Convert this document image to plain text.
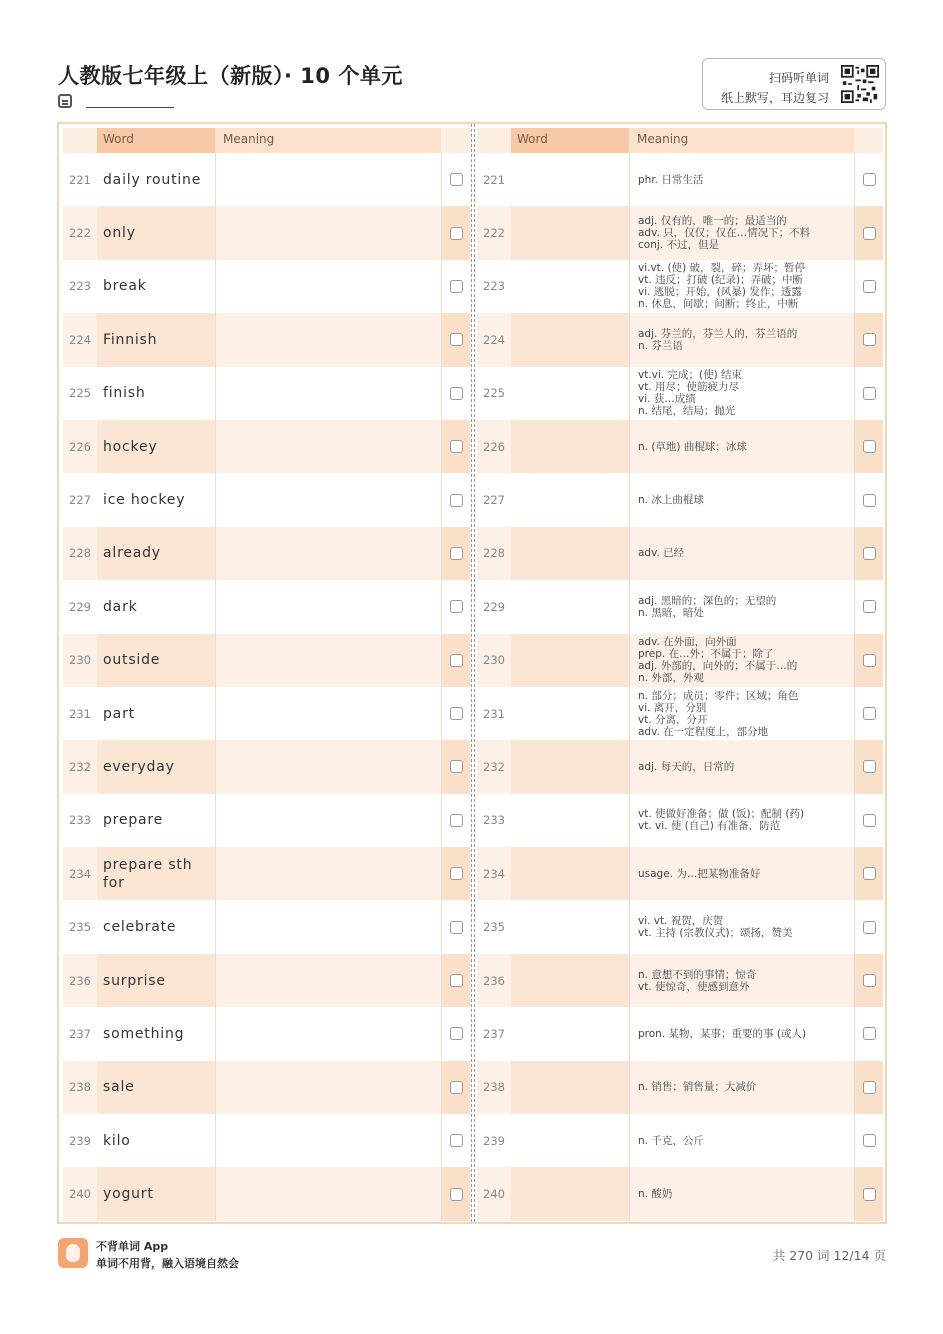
人教版七年级上（新版）· 10 个单元	扫码听单词
纸上默写，耳边复习
Word	Meaning
221 daily routine
222 only
223 break
224 Finnish
225 finish
226 hockey
227 ice hockey
228 already
229 dark
230 outside
231 part
232 everyday
233 prepare
234
prepare sth for
235 celebrate
236 surprise
237 something
238 sale
239 kilo
240 yogurt
Word	Meaning
221	phr. 日常生活
222
adj. 仅有的，唯一的；最适当的
adv. 只，仅仅；仅在…情况下；不料
conj. 不过，但是
223
vi.vt. (使) 破，裂，碎；弄坏；暂停
vt. 违反；打破 (纪录)；弄破；中断
vi. 逃脱；开始，(风暴) 发作；透露
n. 休息，间歇；间断；终止，中断
224	adj. 芬兰的，芬兰人的，芬兰语的
n. 芬兰语
225
vt.vi. 完成；(使) 结束
vt. 用尽；使筋疲力尽
vi. 获…成绩
n. 结尾，结局；抛光
226	n. (草地) 曲棍球；冰球
227	n. 冰上曲棍球
228	adv. 已经
229	adj. 黑暗的；深色的；无望的
n. 黑暗，暗处
230
adv. 在外面，向外面
prep. 在…外；不属于；除了
adj. 外部的，向外的；不属于…的
n. 外部，外观
231
n. 部分；成员；零件；区域；角色
vi. 离开，分别
vt. 分离，分开
adv. 在一定程度上，部分地
232	adj. 每天的，日常的
233	vt. 使做好准备；做 (饭)；配制 (药)
vt. vi. 使 (自己) 有准备，防范
234	usage. 为…把某物准备好
235	vi. vt. 祝贺，庆贺
vt. 主持 (宗教仪式)；颂扬，赞美
236	n. 意想不到的事情；惊奇
vt. 使惊奇，使感到意外
237	pron. 某物，某事；重要的事 (或人)
238	n. 销售；销售量；大减价
239	n. 千克，公斤
240	n. 酸奶
不背单词 App
单词不用背，融入语境自然会
共 270 词 12/14 页
